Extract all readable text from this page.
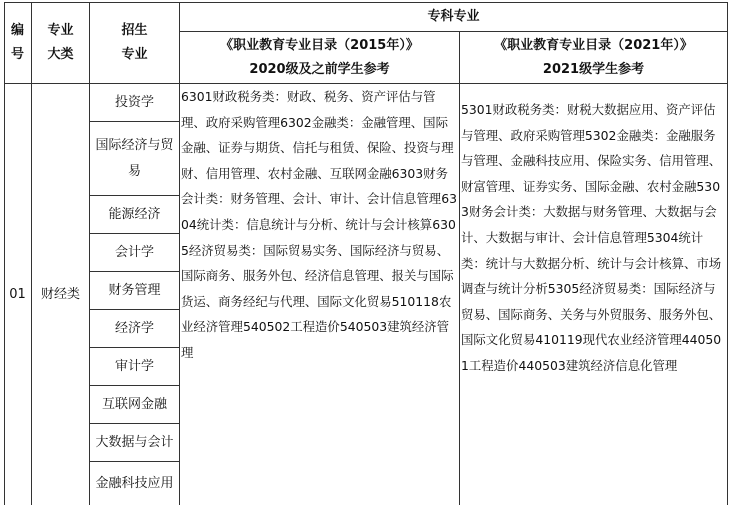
编号
专业大类
招生专业
专科专业
《职业教育专业目录（2015年）》
2020级及之前学生参考
《职业教育专业目录（2021年）》
2021级学生参考
01 财经类
投资学
国际经济与贸易
能源经济
会计学
财务管理
经济学
审计学
互联网金融
大数据与会计
金融科技应用
6301财政税务类：财政、税务、资产评估与管理、政府采购管理6302金融类：金融管理、国际金融、证券与期货、信托与租赁、保险、投资与理财、信用管理、农村金融、互联网金融6303财务会计类：财务管理、会计、审计、会计信息管理6304统计类：信息统计与分析、统计与会计核算6305经济贸易类：国际贸易实务、国际经济与贸易、国际商务、服务外包、经济信息管理、报关与国际货运、商务经纪与代理、国际文化贸易510118农业经济管理540502工程造价540503建筑经济管理
5301财政税务类：财税大数据应用、资产评估与管理、政府采购管理5302金融类：金融服务与管理、金融科技应用、保险实务、信用管理、财富管理、证券实务、国际金融、农村金融5303财务会计类：大数据与财务管理、大数据与会计、大数据与审计、会计信息管理5304统计类：统计与大数据分析、统计与会计核算、市场调查与统计分析5305经济贸易类：国际经济与贸易、国际商务、关务与外贸服务、服务外包、国际文化贸易410119现代农业经济管理440501工程造价440503建筑经济信息化管理
